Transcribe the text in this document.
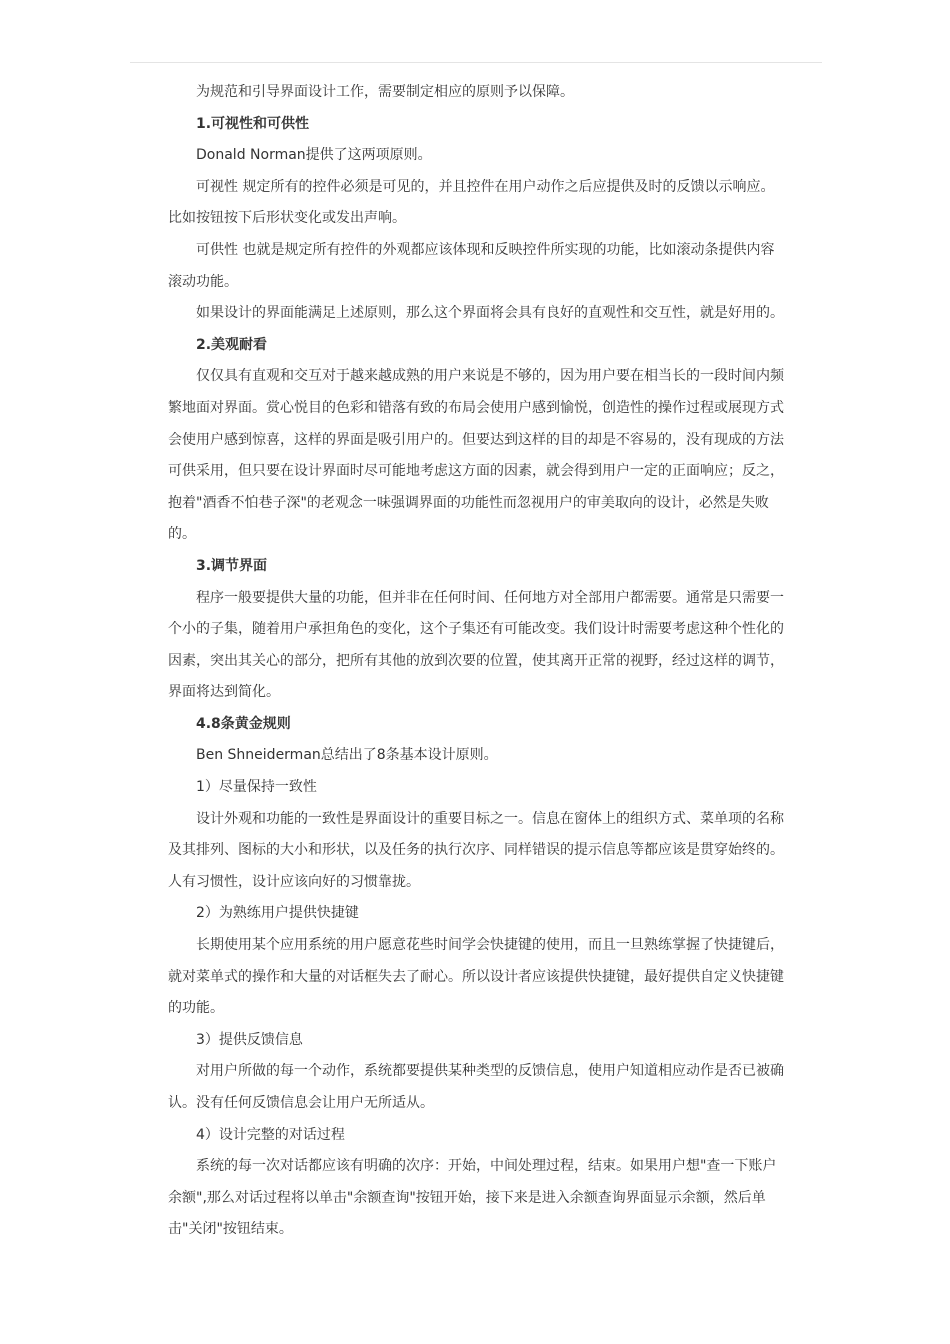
为规范和引导界面设计工作，需要制定相应的原则予以保障。

1.可视性和可供性

Donald Norman提供了这两项原则。

可视性 规定所有的控件必须是可见的，并且控件在用户动作之后应提供及时的反馈以示响应。比如按钮按下后形状变化或发出声响。

可供性 也就是规定所有控件的外观都应该体现和反映控件所实现的功能，比如滚动条提供内容滚动功能。

如果设计的界面能满足上述原则，那么这个界面将会具有良好的直观性和交互性，就是好用的。

2.美观耐看

仅仅具有直观和交互对于越来越成熟的用户来说是不够的，因为用户要在相当长的一段时间内频繁地面对界面。赏心悦目的色彩和错落有致的布局会使用户感到愉悦，创造性的操作过程或展现方式会使用户感到惊喜，这样的界面是吸引用户的。但要达到这样的目的却是不容易的，没有现成的方法可供采用，但只要在设计界面时尽可能地考虑这方面的因素，就会得到用户一定的正面响应；反之，抱着"酒香不怕巷子深"的老观念一味强调界面的功能性而忽视用户的审美取向的设计，必然是失败的。

3.调节界面

程序一般要提供大量的功能，但并非在任何时间、任何地方对全部用户都需要。通常是只需要一个小的子集，随着用户承担角色的变化，这个子集还有可能改变。我们设计时需要考虑这种个性化的因素，突出其关心的部分，把所有其他的放到次要的位置，使其离开正常的视野，经过这样的调节，界面将达到简化。

4.8条黄金规则

Ben Shneiderman总结出了8条基本设计原则。

1）尽量保持一致性

设计外观和功能的一致性是界面设计的重要目标之一。信息在窗体上的组织方式、菜单项的名称及其排列、图标的大小和形状，以及任务的执行次序、同样错误的提示信息等都应该是贯穿始终的。人有习惯性，设计应该向好的习惯靠拢。

2）为熟练用户提供快捷键

长期使用某个应用系统的用户愿意花些时间学会快捷键的使用，而且一旦熟练掌握了快捷键后，就对菜单式的操作和大量的对话框失去了耐心。所以设计者应该提供快捷键，最好提供自定义快捷键的功能。

3）提供反馈信息

对用户所做的每一个动作，系统都要提供某种类型的反馈信息，使用户知道相应动作是否已被确认。没有任何反馈信息会让用户无所适从。

4）设计完整的对话过程

系统的每一次对话都应该有明确的次序：开始，中间处理过程，结束。如果用户想"查一下账户余额",那么对话过程将以单击"余额查询"按钮开始，接下来是进入余额查询界面显示余额，然后单击"关闭"按钮结束。
